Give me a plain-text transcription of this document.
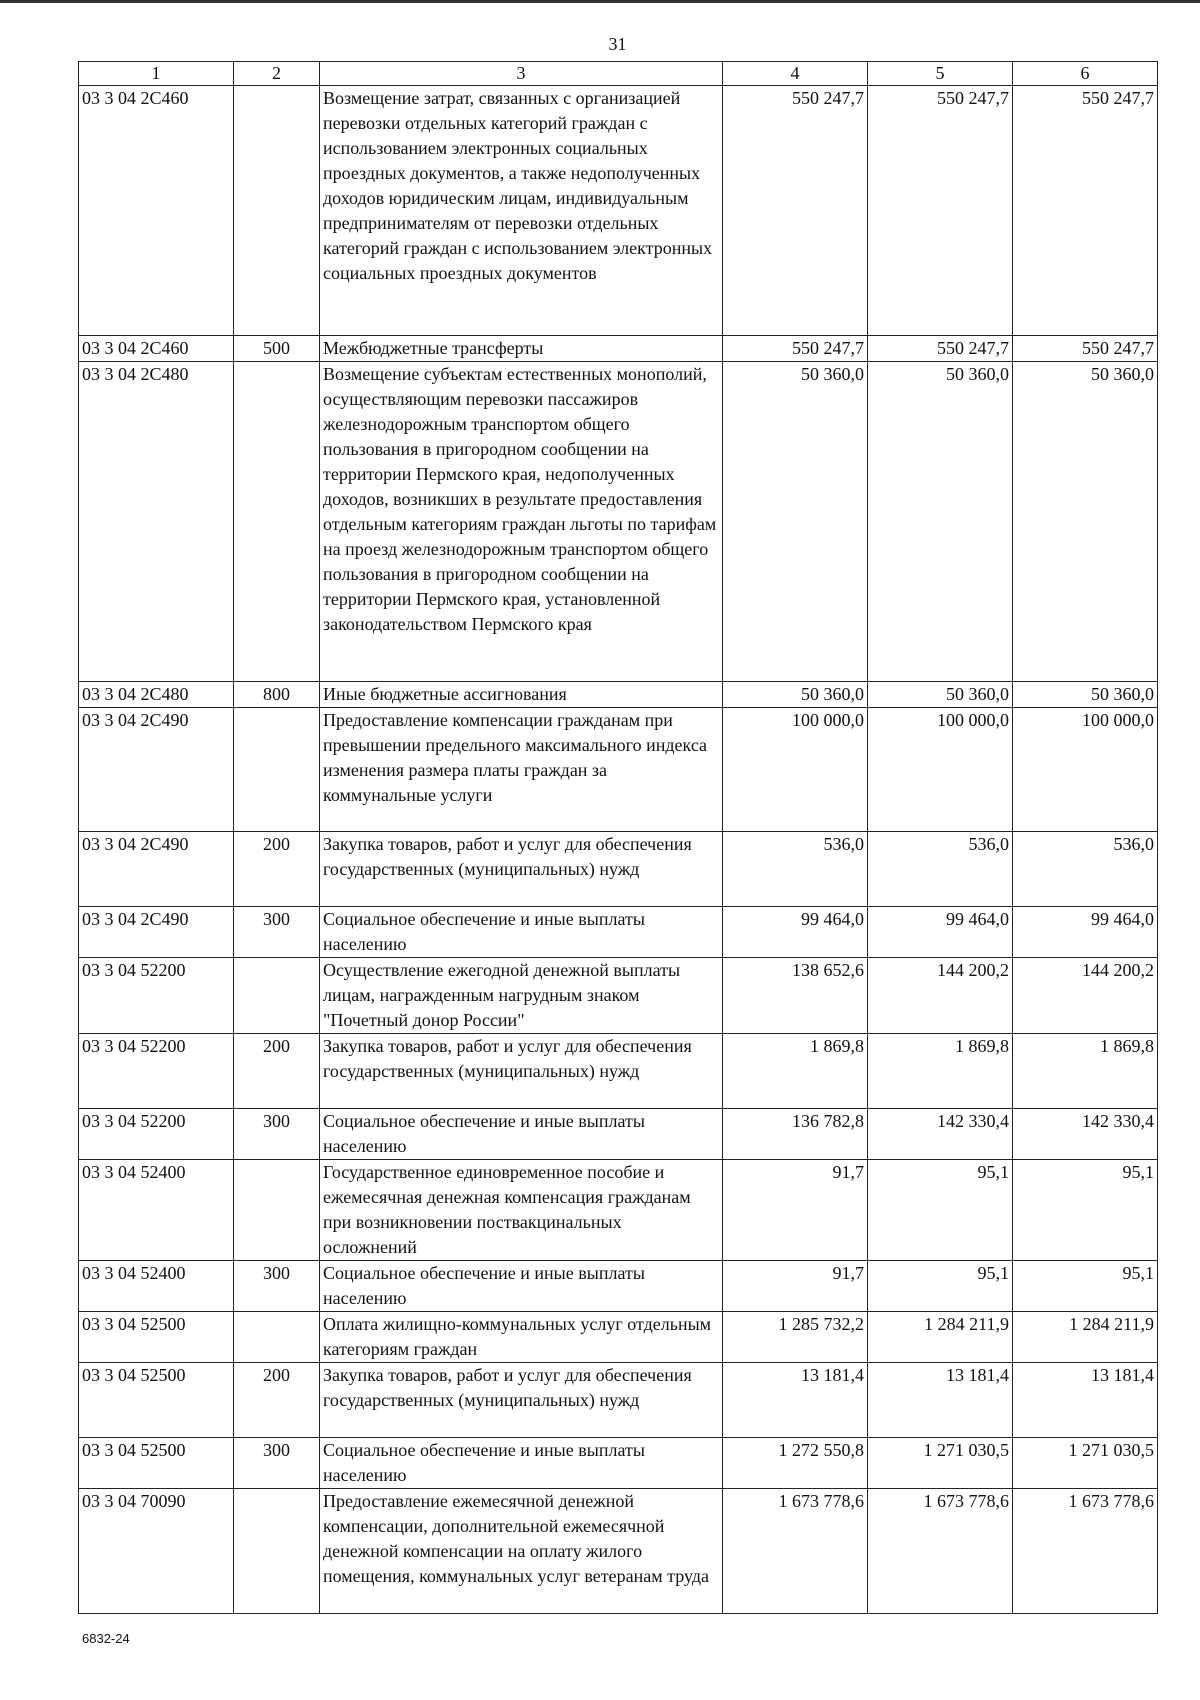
31
1	2	3	4	5	6
03 3 04 2С460		Возмещение затрат, связанных с организацией перевозки отдельных категорий граждан с использованием электронных социальных проездных документов, а также недополученных доходов юридическим лицам, индивидуальным предпринимателям от перевозки отдельных категорий граждан с использованием электронных социальных проездных документов	550 247,7	550 247,7	550 247,7
03 3 04 2С460	500	Межбюджетные трансферты	550 247,7	550 247,7	550 247,7
03 3 04 2С480		Возмещение субъектам естественных монополий, осуществляющим перевозки пассажиров железнодорожным транспортом общего пользования в пригородном сообщении на территории Пермского края, недополученных доходов, возникших в результате предоставления отдельным категориям граждан льготы по тарифам на проезд железнодорожным транспортом общего пользования в пригородном сообщении на территории Пермского края, установленной законодательством Пермского края	50 360,0	50 360,0	50 360,0
03 3 04 2С480	800	Иные бюджетные ассигнования	50 360,0	50 360,0	50 360,0
03 3 04 2С490		Предоставление компенсации гражданам при превышении предельного максимального индекса изменения размера платы граждан за коммунальные услуги	100 000,0	100 000,0	100 000,0
03 3 04 2С490	200	Закупка товаров, работ и услуг для обеспечения государственных (муниципальных) нужд	536,0	536,0	536,0
03 3 04 2С490	300	Социальное обеспечение и иные выплаты населению	99 464,0	99 464,0	99 464,0
03 3 04 52200		Осуществление ежегодной денежной выплаты лицам, награжденным нагрудным знаком "Почетный донор России"	138 652,6	144 200,2	144 200,2
03 3 04 52200	200	Закупка товаров, работ и услуг для обеспечения государственных (муниципальных) нужд	1 869,8	1 869,8	1 869,8
03 3 04 52200	300	Социальное обеспечение и иные выплаты населению	136 782,8	142 330,4	142 330,4
03 3 04 52400		Государственное единовременное пособие и ежемесячная денежная компенсация гражданам при возникновении поствакцинальных осложнений	91,7	95,1	95,1
03 3 04 52400	300	Социальное обеспечение и иные выплаты населению	91,7	95,1	95,1
03 3 04 52500		Оплата жилищно-коммунальных услуг отдельным категориям граждан	1 285 732,2	1 284 211,9	1 284 211,9
03 3 04 52500	200	Закупка товаров, работ и услуг для обеспечения государственных (муниципальных) нужд	13 181,4	13 181,4	13 181,4
03 3 04 52500	300	Социальное обеспечение и иные выплаты населению	1 272 550,8	1 271 030,5	1 271 030,5
03 3 04 70090		Предоставление ежемесячной денежной компенсации, дополнительной ежемесячной денежной компенсации на оплату жилого помещения, коммунальных услуг ветеранам труда	1 673 778,6	1 673 778,6	1 673 778,6
6832-24
